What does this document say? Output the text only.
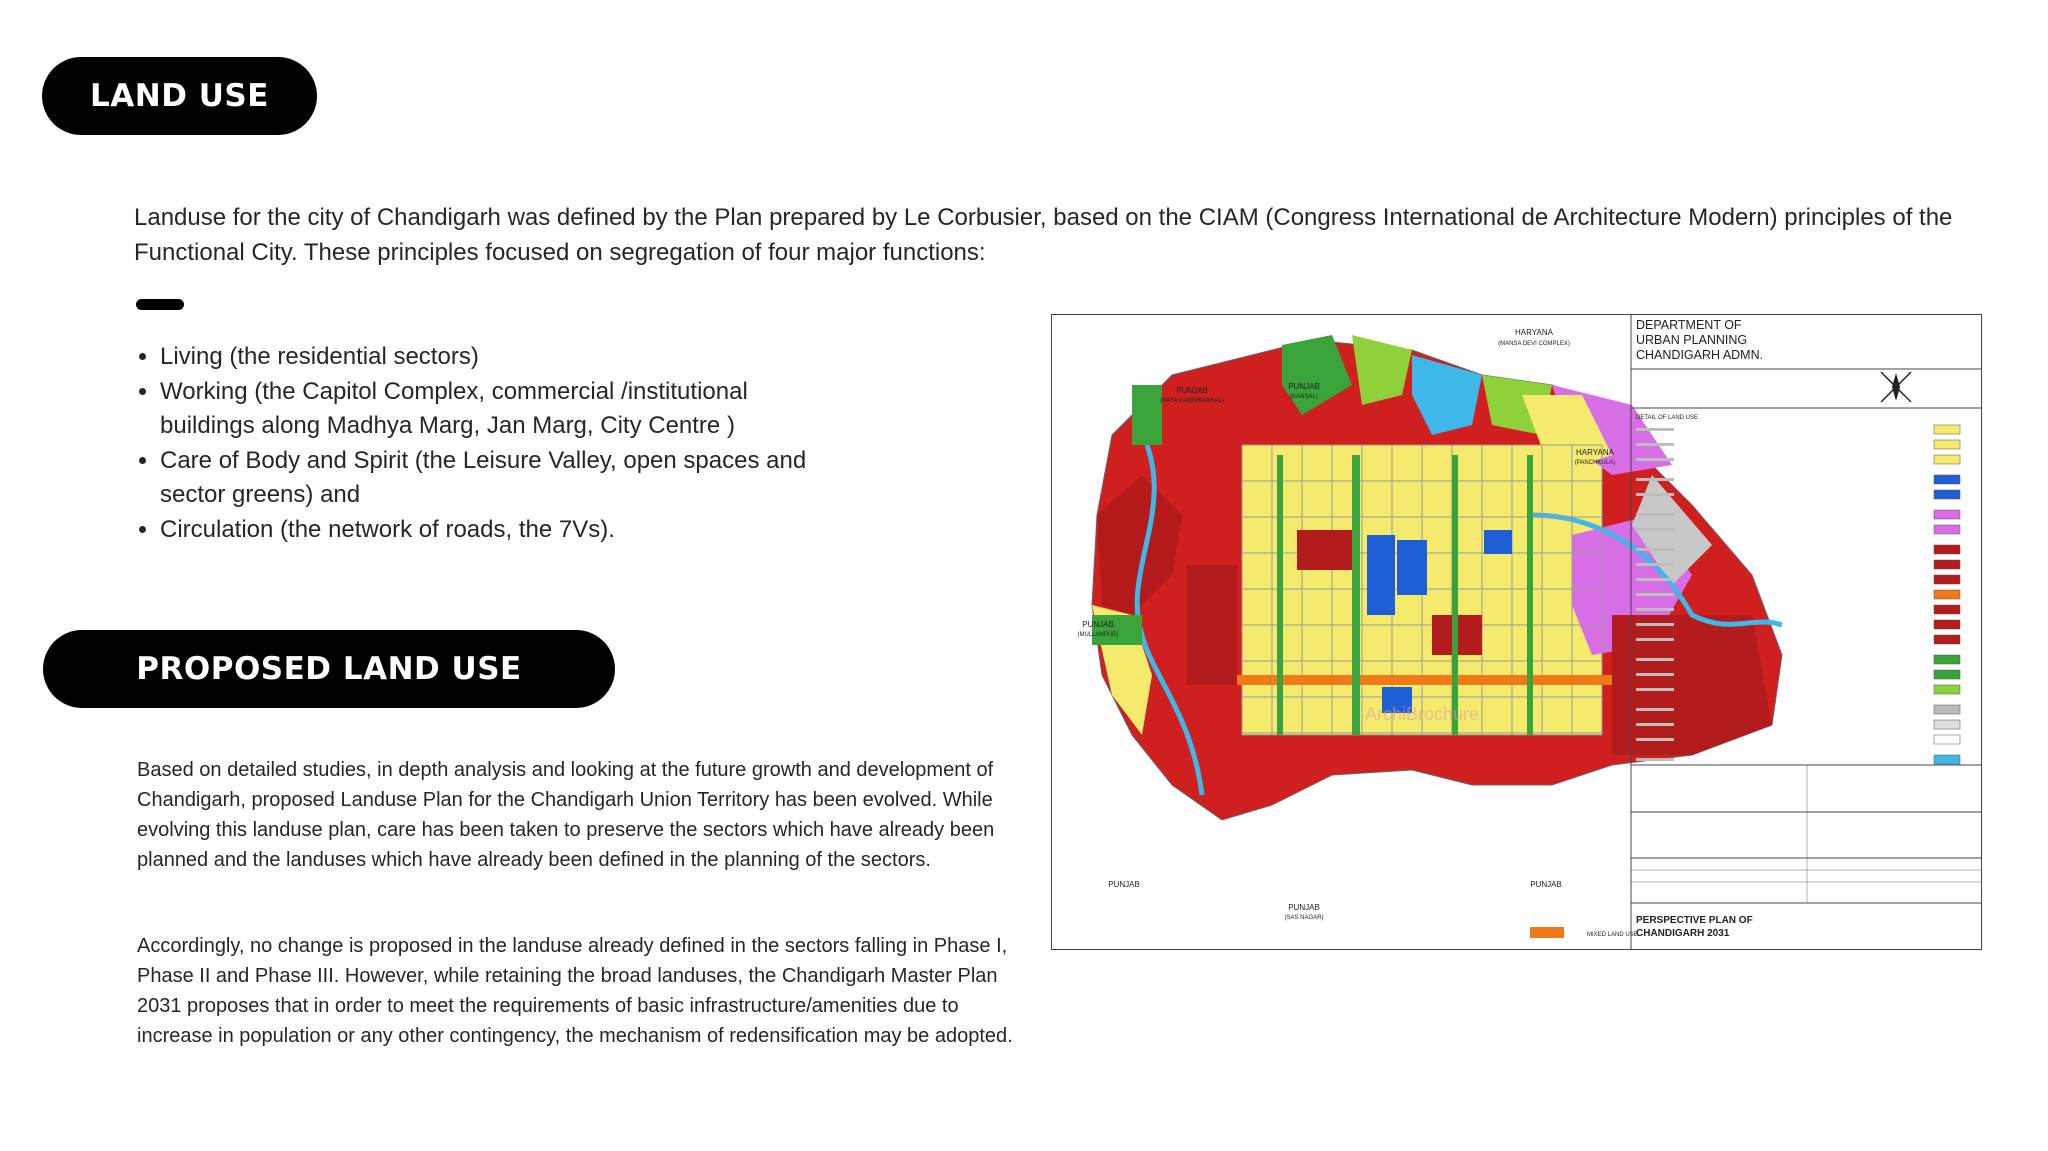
LAND USE

Landuse for the city of Chandigarh was defined by the Plan prepared by Le Corbusier, based on the CIAM (Congress International de Architecture Modern) principles of the Functional City. These principles focused on segregation of four major functions:

• Living (the residential sectors)
• Working (the Capitol Complex, commercial /institutional buildings along Madhya Marg, Jan Marg, City Centre )
• Care of Body and Spirit (the Leisure Valley, open spaces and sector greens) and
• Circulation (the network of roads, the 7Vs).
PROPOSED LAND USE

Based on detailed studies, in depth analysis and looking at the future growth and development of Chandigarh, proposed Landuse Plan for the Chandigarh Union Territory has been evolved. While evolving this landuse plan, care has been taken to preserve the sectors which have already been planned and the landuses which have already been defined in the planning of the sectors.

Accordingly, no change is proposed in the landuse already defined in the sectors falling in Phase I, Phase II and Phase III. However, while retaining the broad landuses, the Chandigarh Master Plan 2031 proposes that in order to meet the requirements of basic infrastructure/amenities due to increase in population or any other contingency, the mechanism of redensification may be adopted.

HARYANA
(MANSA DEVI COMPLEX)
PUNJAB
(NAYA GAON/KANSAL)
PUNJAB
(KANSAL)
HARYANA
(PANCHKULA)
PUNJAB
(MULLANPUR)
PUNJAB
(SAS NAGAR)
PUNJAB	PUNJAB
ArchiBrochure
MIXED LAND USE
DEPARTMENT OF
URBAN PLANNING
CHANDIGARH ADMN.
DETAIL OF LAND USE
PERSPECTIVE PLAN OF
CHANDIGARH 2031
